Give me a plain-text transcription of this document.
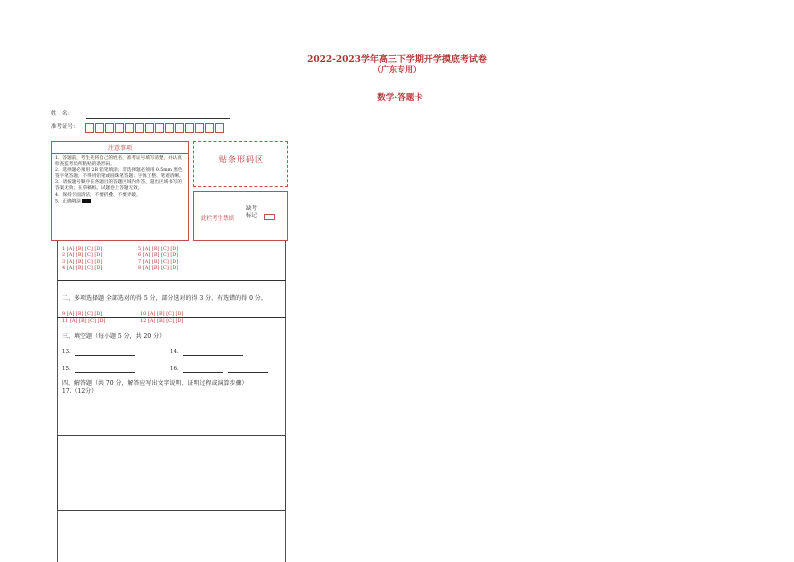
2022-2023学年高三下学期开学摸底考试卷
（广东专用）
数学·答题卡
姓　名：
准考证号：
注意事项
1．答题前，考生先将自己的姓名，准考证号填写清楚，并认真检查监考员所粘贴的条形码。
2．选择题必须用 2B 铅笔填涂；非选择题必须用 0.5mm 黑色签字笔答题，不得用铅笔或圆珠笔答题；字体工整、笔迹清晰。
3．请按题号顺序在各题目的答题区域内作答，超出区域书写的答案无效；在草稿纸、试题卷上答题无效。
4．保持卡面清洁，不要折叠、不要弄破。
5．正确填涂
贴条形码区
此栏考生禁填
缺考
标记
1 [A] [B] [C] [D]
2 [A] [B] [C] [D]
3 [A] [B] [C] [D]
4 [A] [B] [C] [D]
5 [A] [B] [C] [D]
6 [A] [B] [C] [D]
7 [A] [B] [C] [D]
8 [A] [B] [C] [D]
二、多项选择题 全部选对的得 5 分，部分选对的得 3 分，有选错的得 0 分。
9 [A] [B] [C] [D]
11 [A] [B] [C] [D]
10 [A] [B] [C] [D]
12 [A] [B] [C] [D]
三、填空题（每小题 5 分，共 20 分）
13.	14.
15.	16.
四、解答题（共 70 分，解答应写出文字说明、证明过程或演算步骤）
17.（12分）
